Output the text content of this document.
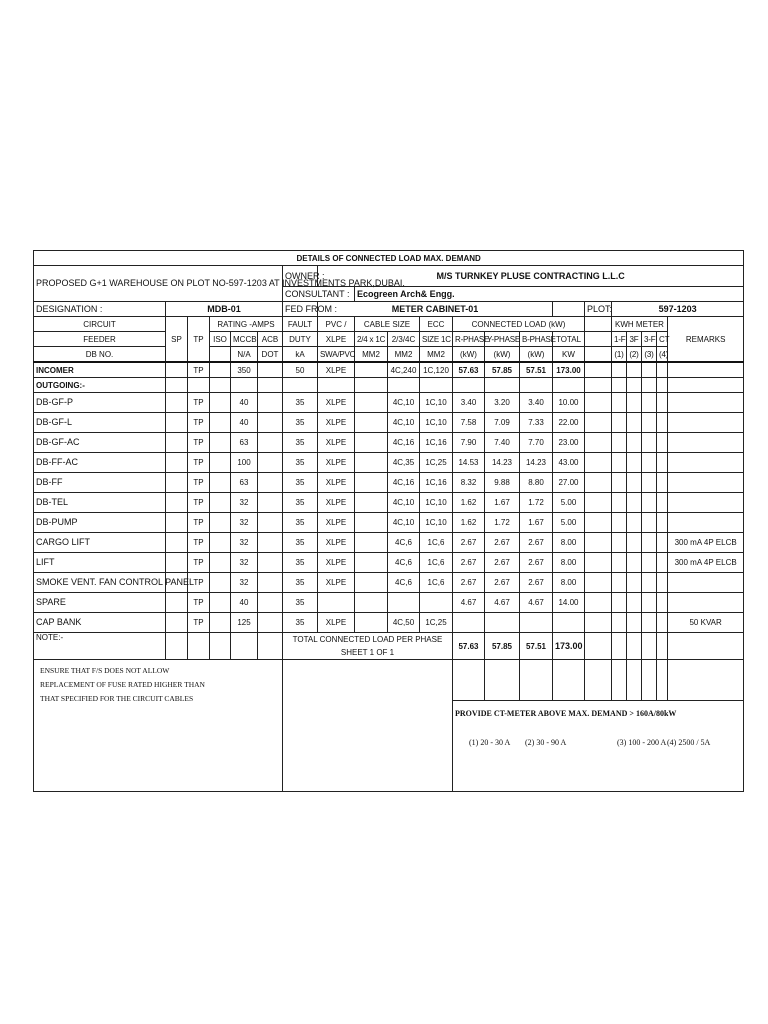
DETAILS OF CONNECTED LOAD MAX. DEMAND																				
PROPOSED G+1 WAREHOUSE ON PLOT NO-597-1203 AT INVESTMENTS PARK,DUBAI.						OWNER :	M/S TURNKEY PLUSE CONTRACTING L.L.C													
						CONSULTANT :		Ecogreen Arch& Engg.												
DESIGNATION :	MDB-01					FED FROM :	METER CABINET-01								PLOT:	597-1203				
CIRCUIT	SP	TP	RATING -AMPS			FAULT	PVC /	CABLE SIZE		ECC	CONNECTED LOAD (kW)					KWH METER				REMARKS
FEEDER			ISO	MCCB	ACB	DUTY	XLPE	2/4 x 1C	2/3/4C	SIZE 1C	R-PHASE	Y-PHASE	B-PHASE	TOTAL		1-F	3F	3-F	CT	
DB NO.				N/A	DOT	kA	SWA/PVC	MM2	MM2	MM2	(kW)	(kW)	(kW)	KW		(1)	(2)	(3)	(4)	
INCOMER		TP		350		50	XLPE		4C,240	1C,120	57.63	57.85	57.51	173.00						
OUTGOING:-																				
DB-GF-P		TP		40		35	XLPE		4C,10	1C,10	3.40	3.20	3.40	10.00						
DB-GF-L		TP		40		35	XLPE		4C,10	1C,10	7.58	7.09	7.33	22.00						
DB-GF-AC		TP		63		35	XLPE		4C,16	1C,16	7.90	7.40	7.70	23.00						
DB-FF-AC		TP		100		35	XLPE		4C,35	1C,25	14.53	14.23	14.23	43.00						
DB-FF		TP		63		35	XLPE		4C,16	1C,16	8.32	9.88	8.80	27.00						
DB-TEL		TP		32		35	XLPE		4C,10	1C,10	1.62	1.67	1.72	5.00						
DB-PUMP		TP		32		35	XLPE		4C,10	1C,10	1.62	1.72	1.67	5.00						
CARGO LIFT		TP		32		35	XLPE		4C,6	1C,6	2.67	2.67	2.67	8.00						300 mA 4P ELCB
LIFT		TP		32		35	XLPE		4C,6	1C,6	2.67	2.67	2.67	8.00						300 mA 4P ELCB
SMOKE VENT. FAN CONTROL PANEL		TP		32		35	XLPE		4C,6	1C,6	2.67	2.67	2.67	8.00						
SPARE		TP		40		35					4.67	4.67	4.67	14.00						
CAP BANK		TP		125		35	XLPE		4C,50	1C,25										50 KVAR
NOTE:-						TOTAL CONNECTED LOAD PER PHASE
SHEET 1 OF 1					57.63	57.85	57.51	173.00						

ENSURE THAT F/S DOES NOT ALLOW
REPLACEMENT OF FUSE RATED HIGHER THAN
THAT SPECIFIED FOR THE CIRCUIT CABLES																				

											PROVIDE CT-METER ABOVE MAX. DEMAND > 160A/80kW
(1) 20 - 30 A (2) 30 - 90 A (3) 100 - 200 A (4) 2500 / 5A									
